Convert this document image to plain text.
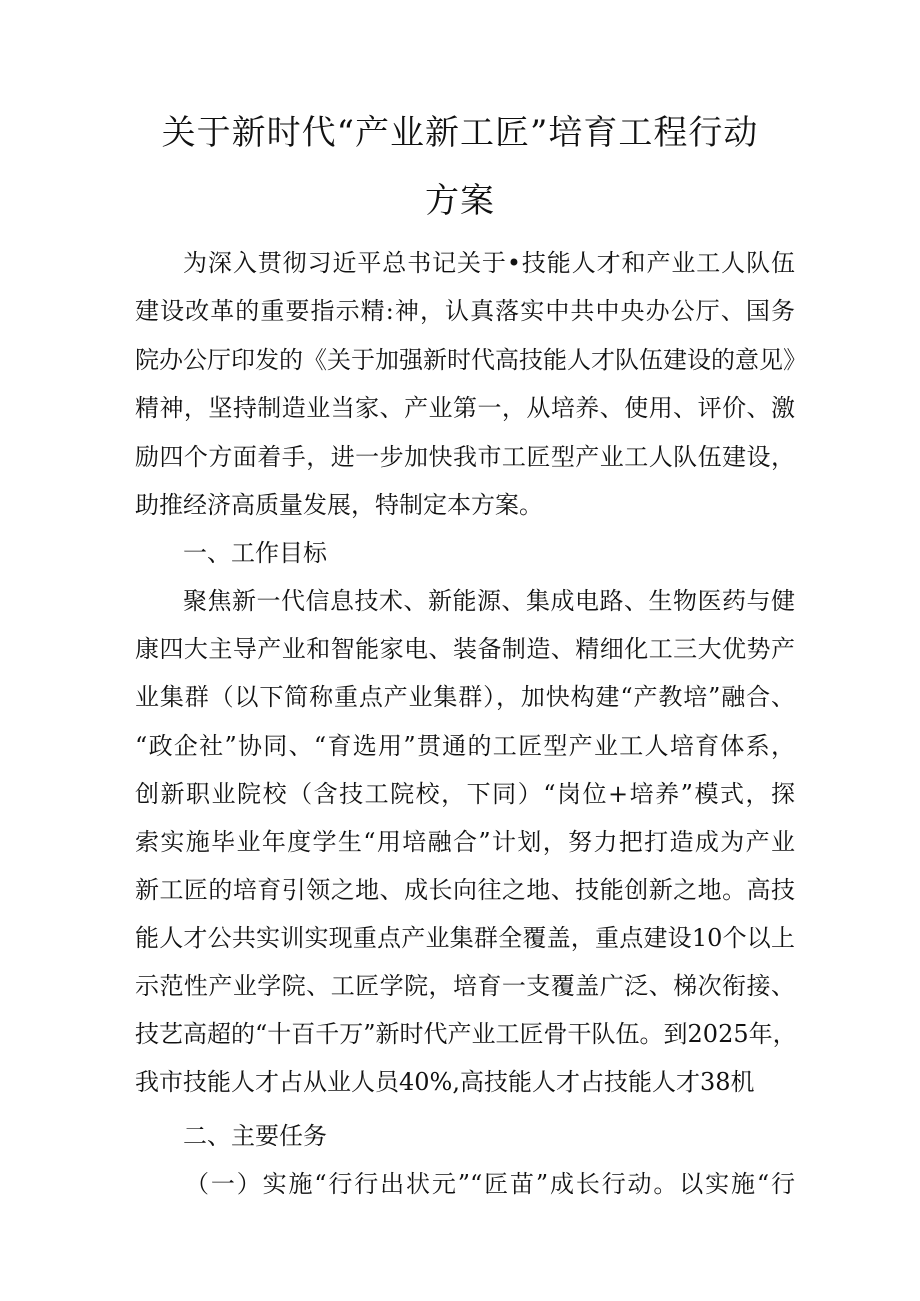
关于新时代“产业新工匠”培育工程行动
方案
为深入贯彻习近平总书记关于•技能人才和产业工人队伍
建设改革的重要指示精:神，认真落实中共中央办公厅、国务
院办公厅印发的《关于加强新时代高技能人才队伍建设的意见》
精神，坚持制造业当家、产业第一，从培养、使用、评价、激
励四个方面着手，进一步加快我市工匠型产业工人队伍建设，
助推经济高质量发展，特制定本方案。
一、工作目标
聚焦新一代信息技术、新能源、集成电路、生物医药与健
康四大主导产业和智能家电、装备制造、精细化工三大优势产
业集群（以下简称重点产业集群），加快构建“产教培”融合、
“政企社”协同、“育选用”贯通的工匠型产业工人培育体系，
创新职业院校（含技工院校，下同）“岗位+培养”模式，探
索实施毕业年度学生“用培融合”计划，努力把打造成为产业
新工匠的培育引领之地、成长向往之地、技能创新之地。高技
能人才公共实训实现重点产业集群全覆盖，重点建设10个以上
示范性产业学院、工匠学院，培育一支覆盖广泛、梯次衔接、
技艺高超的“十百千万”新时代产业工匠骨干队伍。到2025年，
我市技能人才占从业人员40%,高技能人才占技能人才38机
二、主要任务
（一）实施“行行出状元”“匠苗”成长行动。以实施“行
